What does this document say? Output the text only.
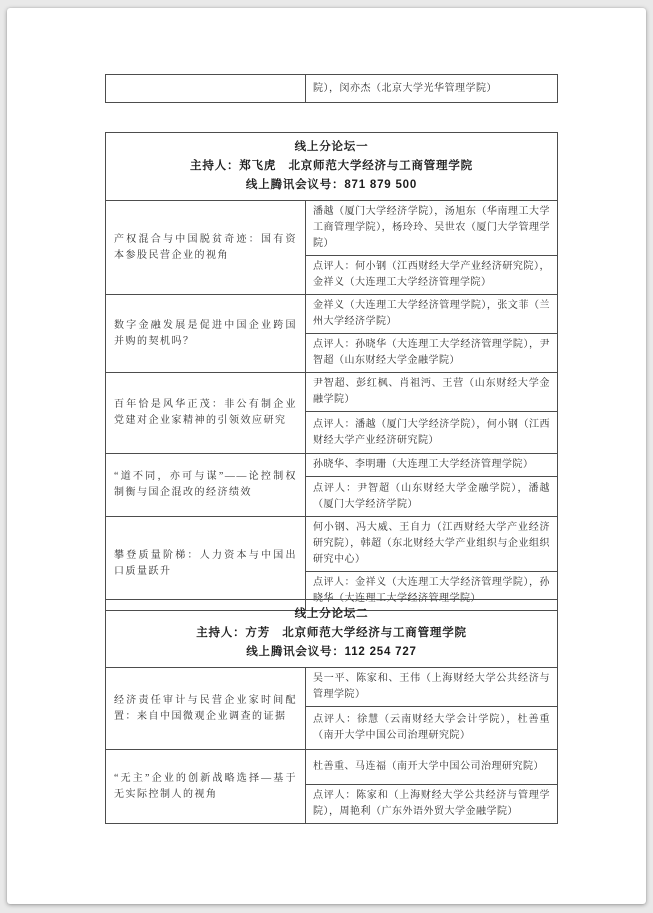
	院），闵亦杰（北京大学光华管理学院）
线上分论坛一
主持人：郑飞虎　北京师范大学经济与工商管理学院
线上腾讯会议号：871 879 500	

产权混合与中国脱贫奇迹：国有资本参股民营企业的视角	潘越（厦门大学经济学院），汤旭东（华南理工大学工商管理学院），杨玲玲、吴世农（厦门大学管理学院）
	点评人：何小钢（江西财经大学产业经济研究院），金祥义（大连理工大学经济管理学院）
数字金融发展是促进中国企业跨国并购的契机吗？	金祥义（大连理工大学经济管理学院），张文菲（兰州大学经济学院）
	点评人：孙晓华（大连理工大学经济管理学院），尹智超（山东财经大学金融学院）
百年恰是风华正茂：非公有制企业党建对企业家精神的引领效应研究	尹智超、彭红枫、肖祖沔、王营（山东财经大学金融学院）
	点评人：潘越（厦门大学经济学院），何小钢（江西财经大学产业经济研究院）
“道不同，亦可与谋”——论控制权制衡与国企混改的经济绩效	孙晓华、李明珊（大连理工大学经济管理学院）
	点评人：尹智超（山东财经大学金融学院），潘越（厦门大学经济学院）
攀登质量阶梯：人力资本与中国出口质量跃升	何小钢、冯大威、王自力（江西财经大学产业经济研究院），韩超（东北财经大学产业组织与企业组织研究中心）
	点评人：金祥义（大连理工大学经济管理学院），孙晓华（大连理工大学经济管理学院）
线上分论坛二
主持人：方芳　北京师范大学经济与工商管理学院
线上腾讯会议号：112 254 727	

经济责任审计与民营企业家时间配置：来自中国微观企业调查的证据	吴一平、陈家和、王伟（上海财经大学公共经济与管理学院）
	点评人：徐慧（云南财经大学会计学院），杜善重（南开大学中国公司治理研究院）
“无主”企业的创新战略选择—基于无实际控制人的视角	杜善重、马连福（南开大学中国公司治理研究院）
	点评人：陈家和（上海财经大学公共经济与管理学院），周艳利（广东外语外贸大学金融学院）
